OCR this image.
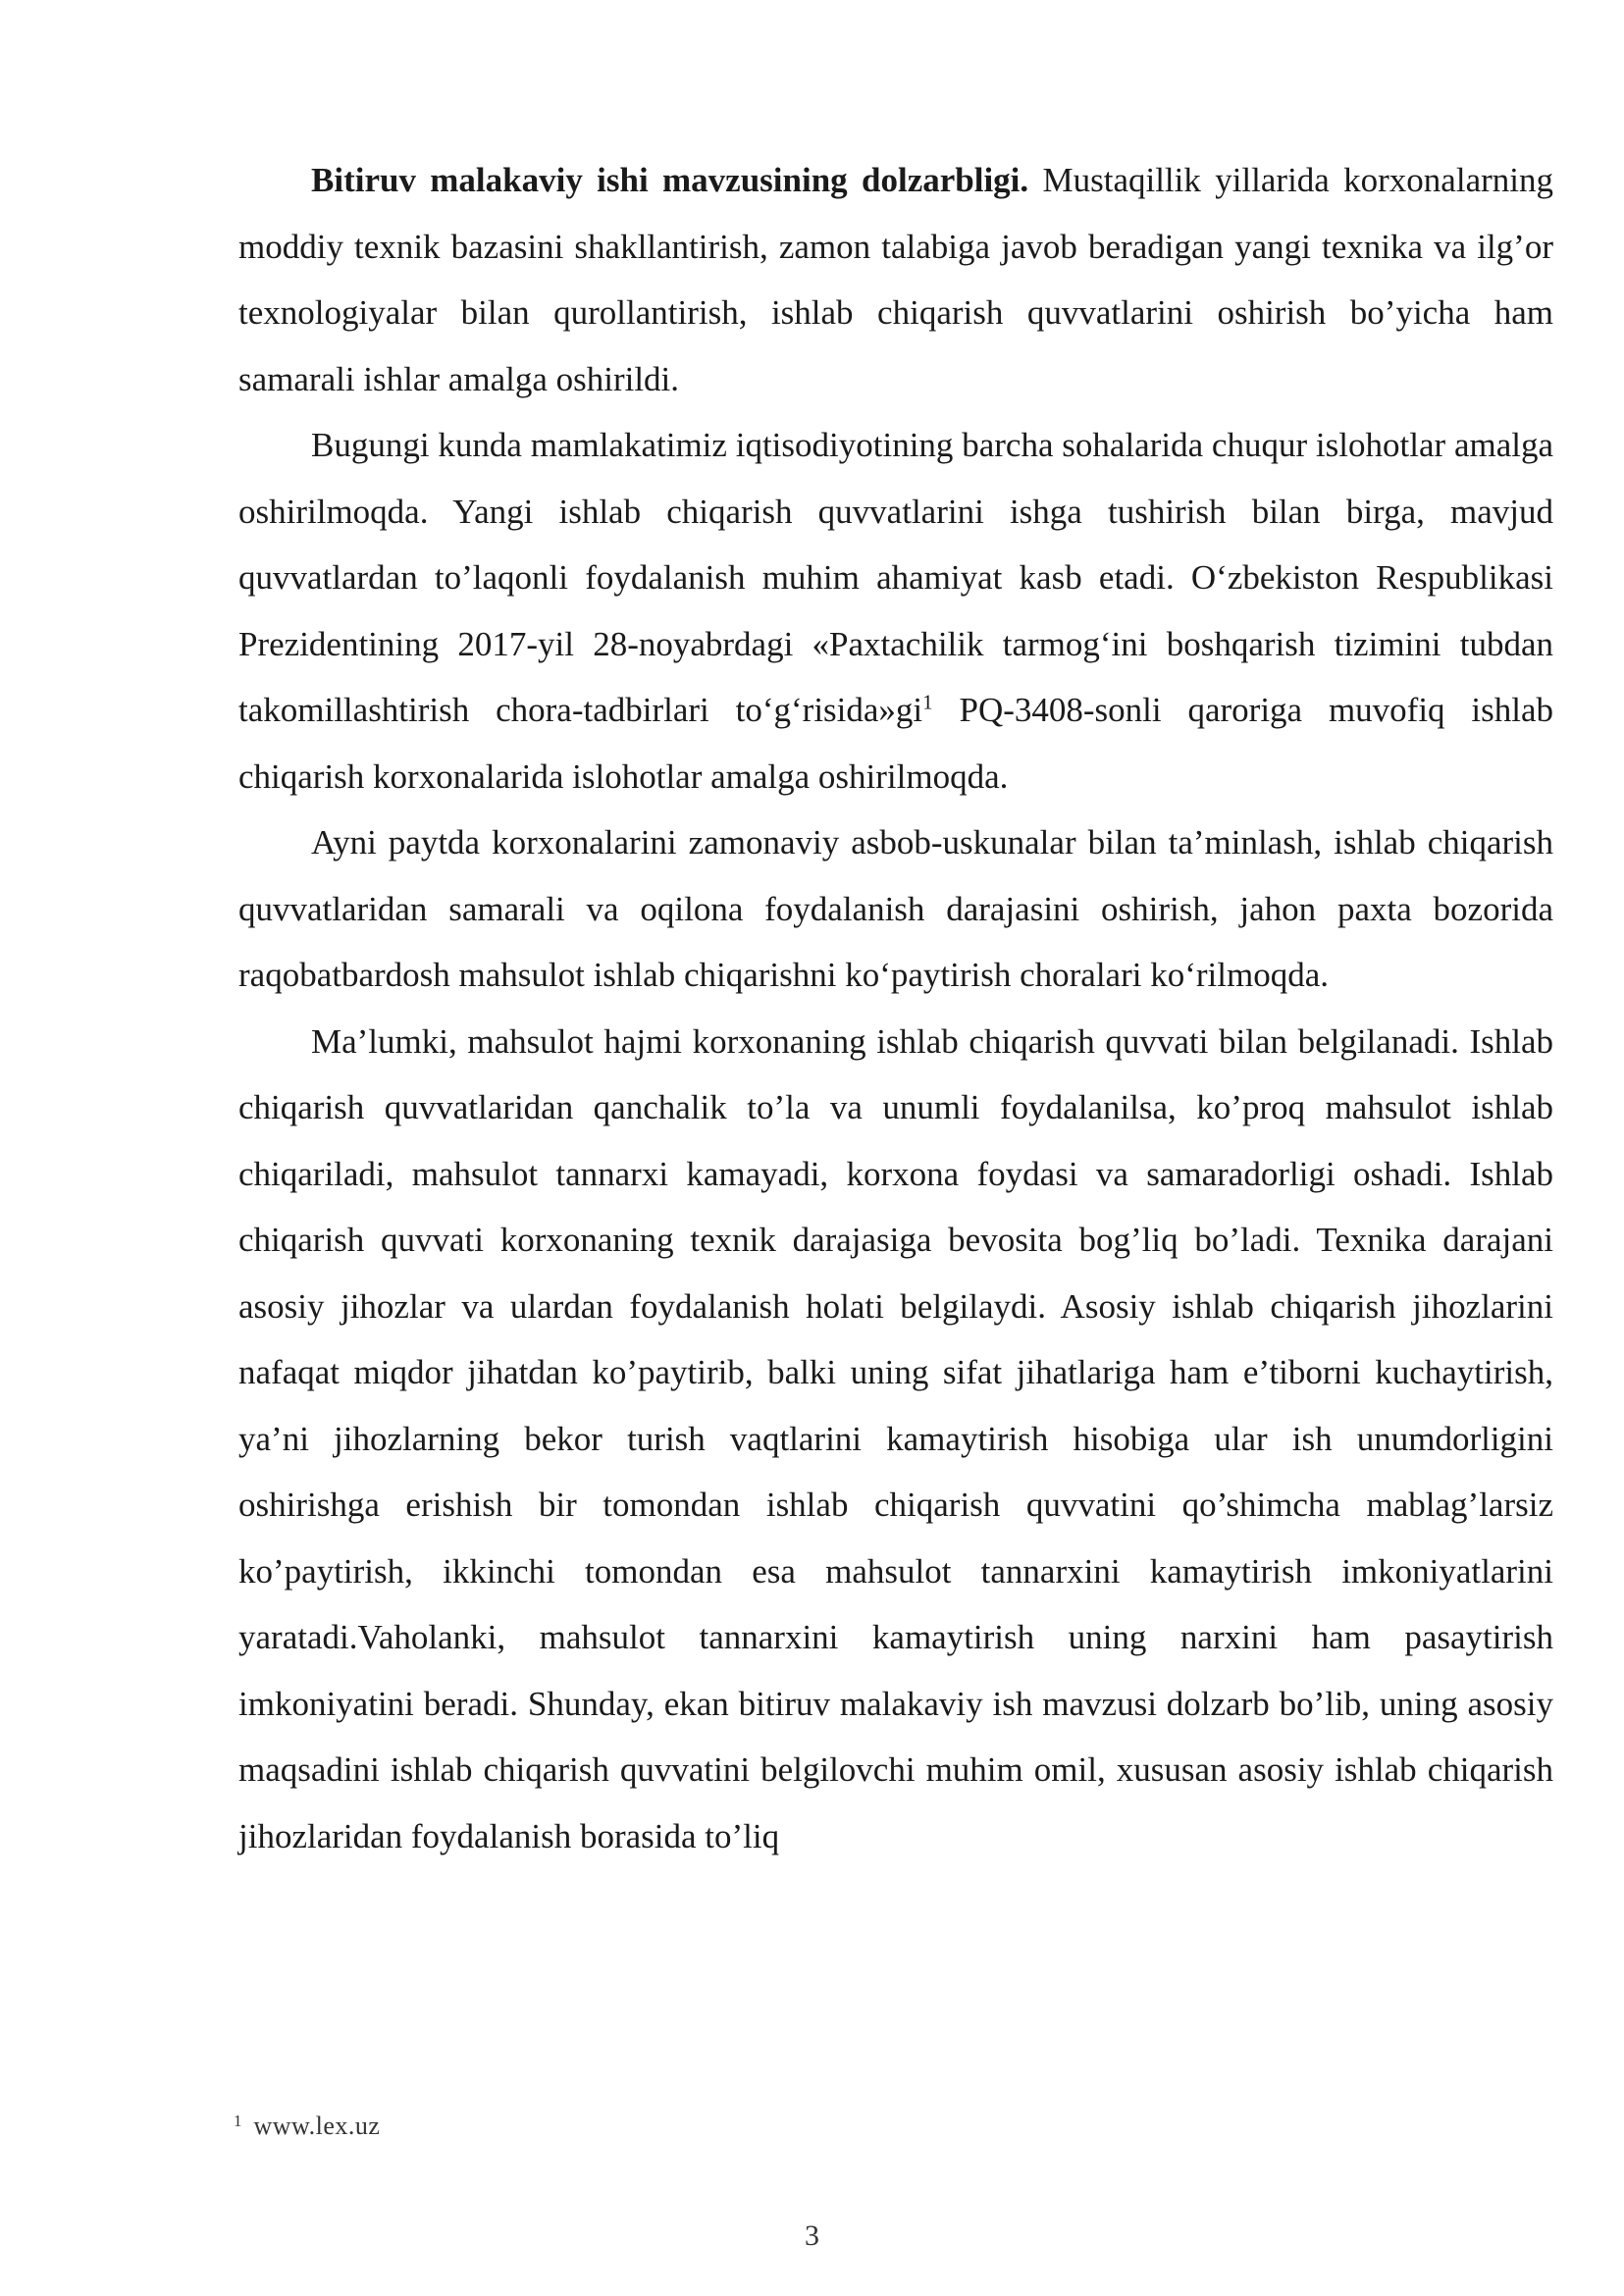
Bitiruv malakaviy ishi mavzusining dolzarbligi. Mustaqillik yillarida korxonalarning moddiy texnik bazasini shakllantirish, zamon talabiga javob beradigan yangi texnika va ilg’or texnologiyalar bilan qurollantirish, ishlab chiqarish quvvatlarini oshirish bo’yicha ham samarali ishlar amalga oshirildi.

Bugungi kunda mamlakatimiz iqtisodiyotining barcha sohalarida chuqur islohotlar amalga oshirilmoqda. Yangi ishlab chiqarish quvvatlarini ishga tushirish bilan birga, mavjud quvvatlardan to’laqonli foydalanish muhim ahamiyat kasb etadi. O‘zbekiston Respublikasi Prezidentining 2017-yil 28-noyabrdagi «Paxtachilik tarmog‘ini boshqarish tizimini tubdan takomillashtirish chora-tadbirlari to‘g‘risida»gi$^1$ PQ-3408-sonli qaroriga muvofiq ishlab chiqarish korxonalarida islohotlar amalga oshirilmoqda.

Ayni paytda korxonalarini zamonaviy asbob-uskunalar bilan ta’minlash, ishlab chiqarish quvvatlaridan samarali va oqilona foydalanish darajasini oshirish, jahon paxta bozorida raqobatbardosh mahsulot ishlab chiqarishni ko‘paytirish choralari ko‘rilmoqda.

Ma’lumki, mahsulot hajmi korxonaning ishlab chiqarish quvvati bilan belgilanadi. Ishlab chiqarish quvvatlaridan qanchalik to’la va unumli foydalanilsa, ko’proq mahsulot ishlab chiqariladi, mahsulot tannarxi kamayadi, korxona foydasi va samaradorligi oshadi. Ishlab chiqarish quvvati korxonaning texnik darajasiga bevosita bog’liq bo’ladi. Texnika darajani asosiy jihozlar va ulardan foydalanish holati belgilaydi. Asosiy ishlab chiqarish jihozlarini nafaqat miqdor jihatdan ko’paytirib, balki uning sifat jihatlariga ham e’tiborni kuchaytirish, ya’ni jihozlarning bekor turish vaqtlarini kamaytirish hisobiga ular ish unumdorligini oshirishga erishish bir tomondan ishlab chiqarish quvvatini qo’shimcha mablag’larsiz ko’paytirish, ikkinchi tomondan esa mahsulot tannarxini kamaytirish imkoniyatlarini yaratadi.Vaholanki, mahsulot tannarxini kamaytirish uning narxini ham pasaytirish imkoniyatini beradi. Shunday, ekan bitiruv malakaviy ish mavzusi dolzarb bo’lib, uning asosiy maqsadini ishlab chiqarish quvvatini belgilovchi muhim omil, xususan asosiy ishlab chiqarish jihozlaridan foydalanish borasida to’liq

$^1$ www.lex.uz
3
